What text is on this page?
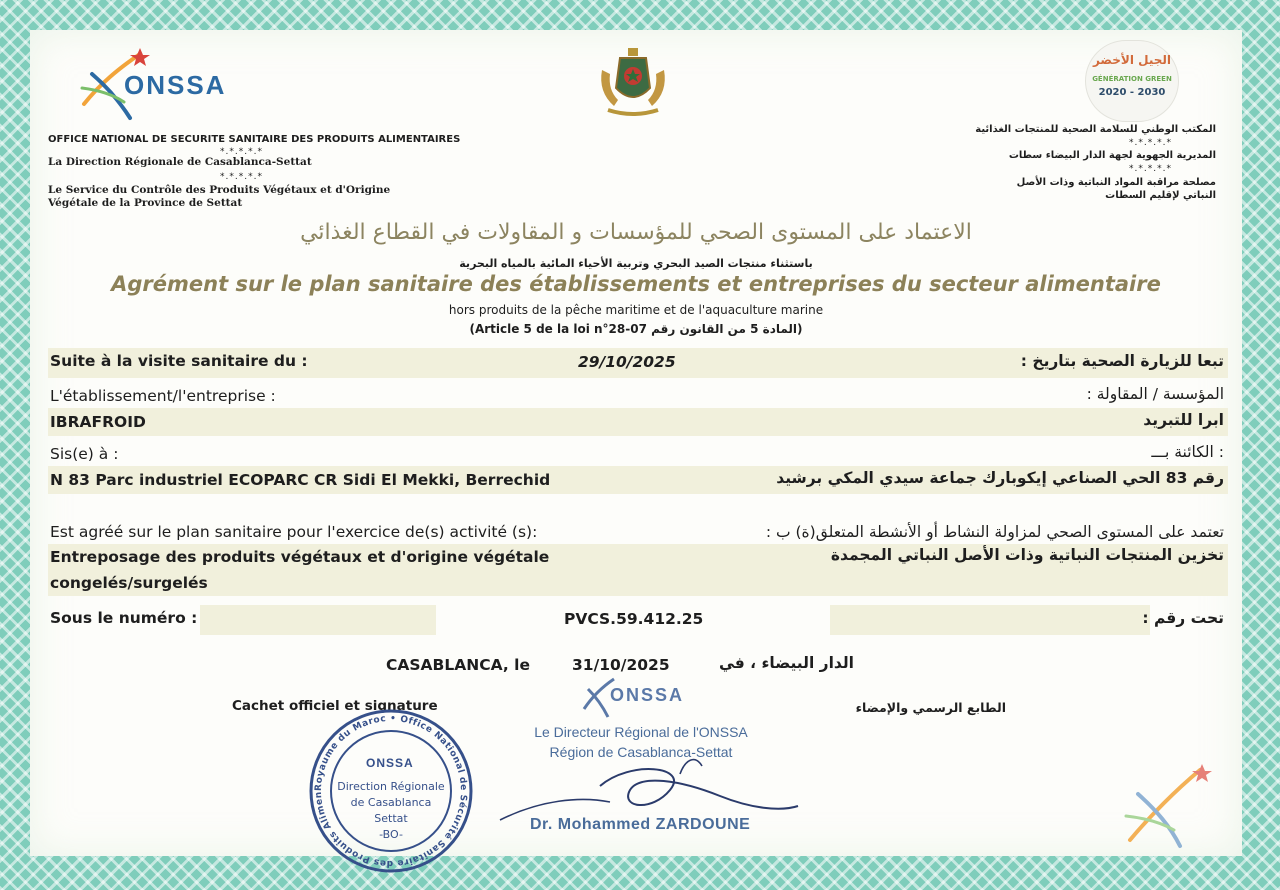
ONSSA
OFFICE NATIONAL DE SECURITE SANITAIRE DES PRODUITS ALIMENTAIRES
*.*.*.*.*
La Direction Régionale de Casablanca-Settat
*.*.*.*.*
Le Service du Contrôle des Produits Végétaux et d'Origine Végétale de la Province de Settat
الجيل الأخضر
GÉNÉRATION GREEN
2020 - 2030
المكتب الوطني للسلامة الصحية للمنتجات الغذائية
*.*.*.*.*
المديرية الجهوية لجهة الدار البيضاء سطات
*.*.*.*.*
مصلحة مراقبة المواد النباتية وذات الأصل النباتي لإقليم السطات
الاعتماد على المستوى الصحي للمؤسسات و المقاولات في القطاع الغذائي
باستثناء منتجات الصيد البحري وتربية الأحياء المائية بالمياه البحرية
Agrément sur le plan sanitaire des établissements et entreprises du secteur alimentaire
hors produits de la pêche maritime et de l'aquaculture marine
(Article 5 de la loi n°28-07 المادة 5 من القانون رقم)
Suite à la visite sanitaire du :	29/10/2025	تبعا للزيارة الصحية بتاريخ :
L'établissement/l'entreprise :	المؤسسة / المقاولة :
IBRAFROID	ابرا للتبريد
Sis(e) à :	: الكائنة بـــ
N 83 Parc industriel ECOPARC CR Sidi El Mekki, Berrechid	رقم 83 الحي الصناعي إيكوبارك جماعة سيدي المكي برشيد
Est agréé sur le plan sanitaire pour l'exercice de(s) activité (s):	تعتمد على المستوى الصحي لمزاولة النشاط أو الأنشطة المتعلق(ة) ب :
Entreposage des produits végétaux et d'origine végétale
congelés/surgelés
تخزين المنتجات النباتية وذات الأصل النباتي المجمدة
Sous le numéro :	PVCS.59.412.25	تحت رقم :
CASABLANCA, le	31/10/2025	الدار البيضاء ، في
Cachet officiel et signature	الطابع الرسمي والإمضاء
ONSSA
Le Directeur Régional de l'ONSSA
Région de Casablanca-Settat
Dr. Mohammed ZARDOUNE
Royaume du Maroc • Office National de Sécurité Sanitaire des Produits Alimen
ONSSA
Direction Régionale
de Casablanca
Settat
-BO-
